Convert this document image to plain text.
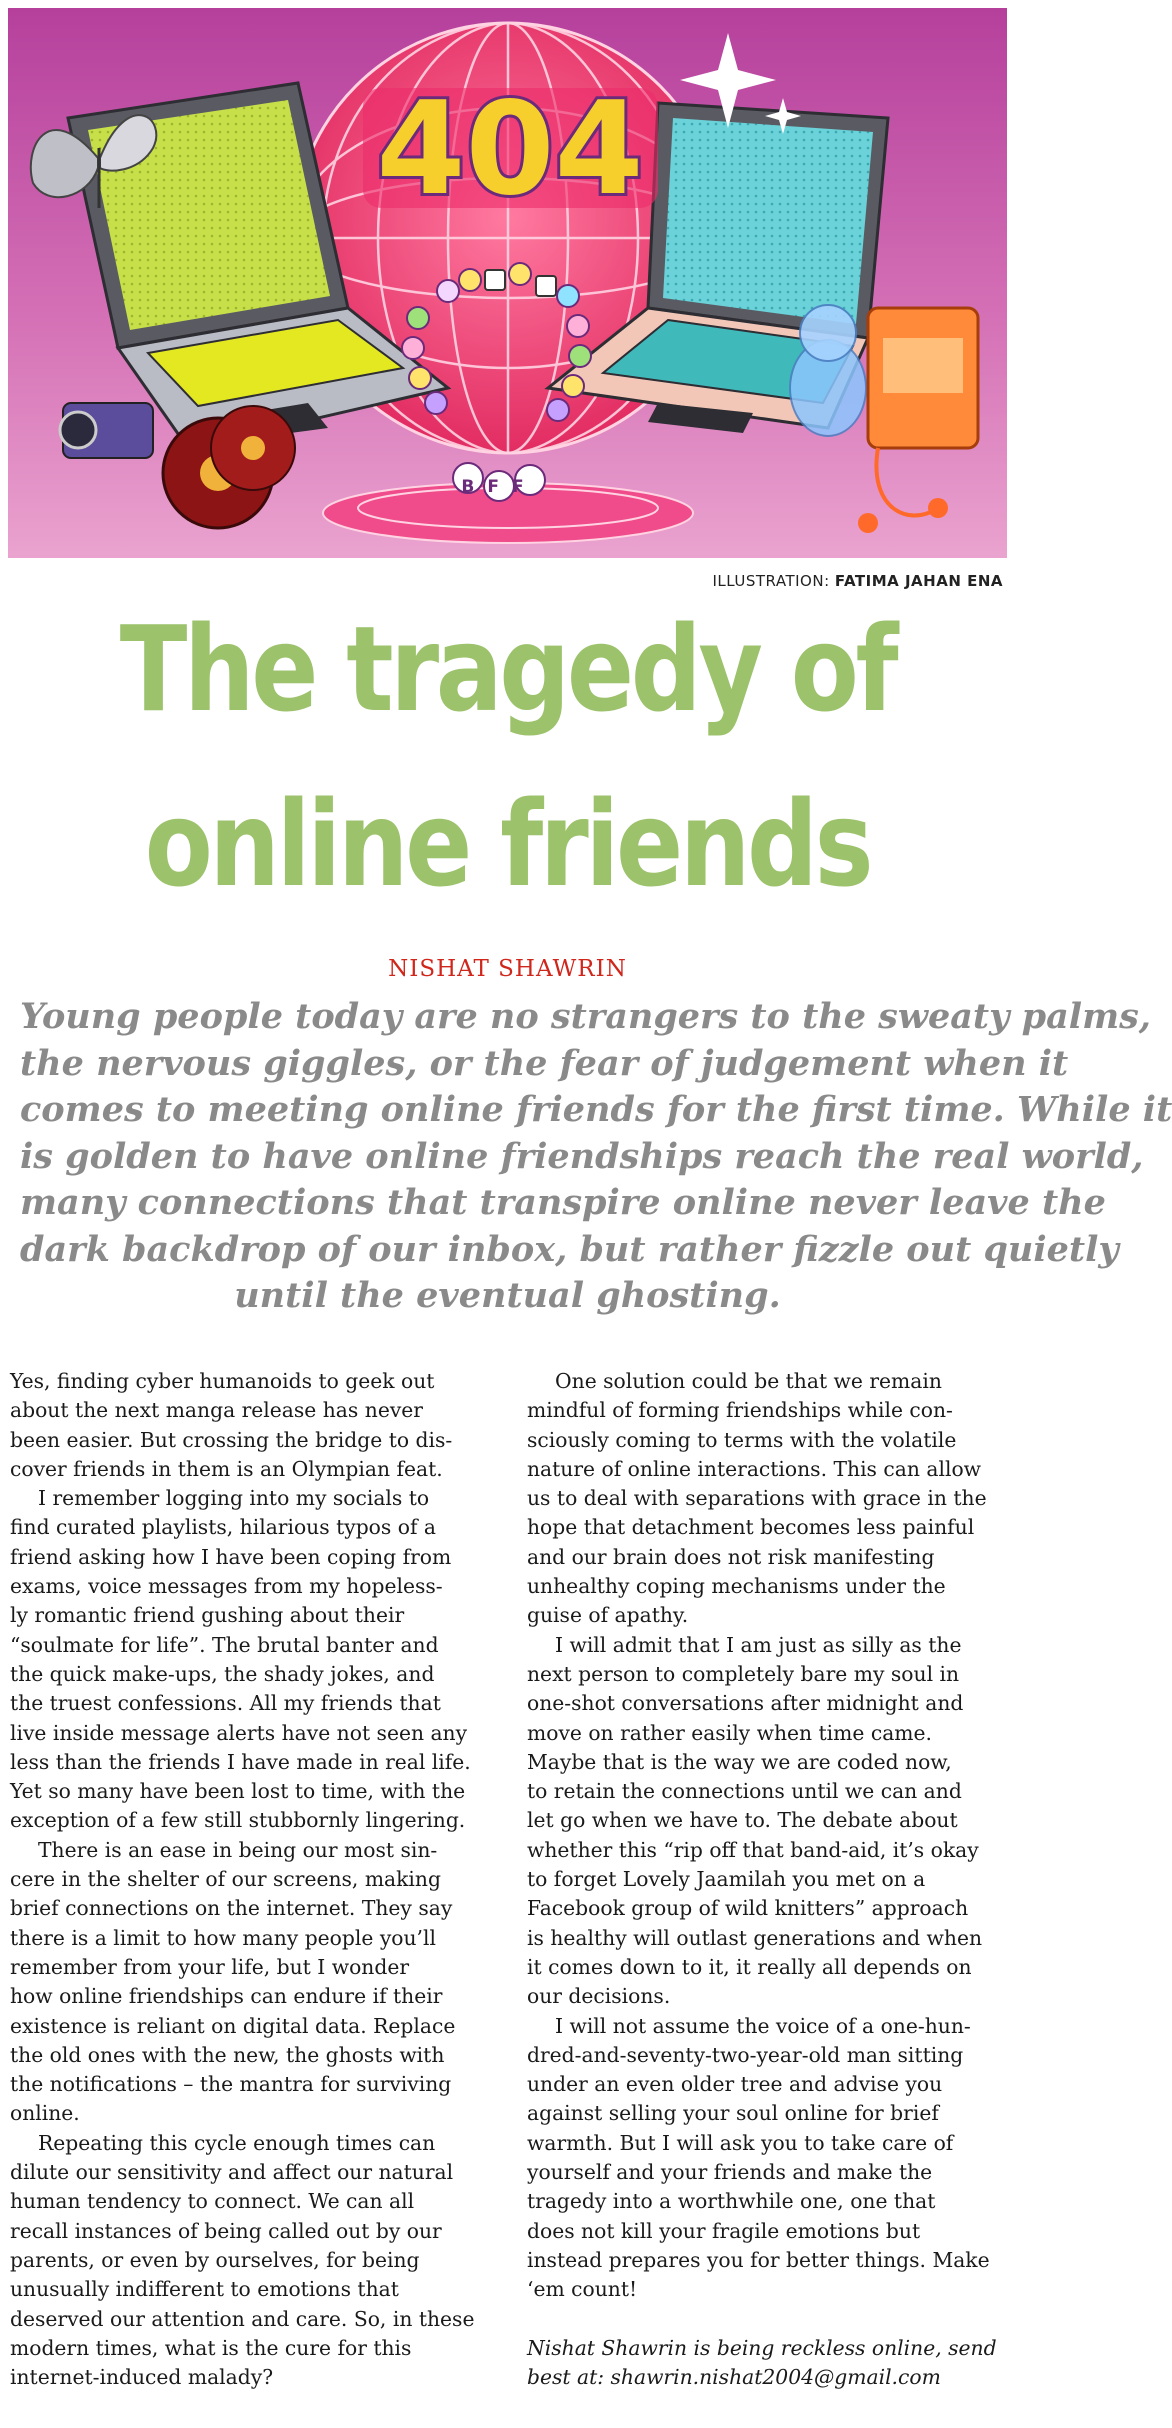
404
BFF
ILLUSTRATION: FATIMA JAHAN ENA
The tragedy of
online friends
NISHAT SHAWRIN
Young people today are no strangers to the sweaty palms,
the nervous giggles, or the fear of judgement when it
comes to meeting online friends for the first time. While it
is golden to have online friendships reach the real world,
many connections that transpire online never leave the
dark backdrop of our inbox, but rather fizzle out quietly
until the eventual ghosting.
Yes, finding cyber humanoids to geek out
about the next manga release has never
been easier. But crossing the bridge to dis-
cover friends in them is an Olympian feat.
I remember logging into my socials to
find curated playlists, hilarious typos of a
friend asking how I have been coping from
exams, voice messages from my hopeless-
ly romantic friend gushing about their
“soulmate for life”. The brutal banter and
the quick make-ups, the shady jokes, and
the truest confessions. All my friends that
live inside message alerts have not seen any
less than the friends I have made in real life.
Yet so many have been lost to time, with the
exception of a few still stubbornly lingering.
There is an ease in being our most sin-
cere in the shelter of our screens, making
brief connections on the internet. They say
there is a limit to how many people you’ll
remember from your life, but I wonder
how online friendships can endure if their
existence is reliant on digital data. Replace
the old ones with the new, the ghosts with
the notifications – the mantra for surviving
online.
Repeating this cycle enough times can
dilute our sensitivity and affect our natural
human tendency to connect. We can all
recall instances of being called out by our
parents, or even by ourselves, for being
unusually indifferent to emotions that
deserved our attention and care. So, in these
modern times, what is the cure for this
internet-induced malady?
One solution could be that we remain
mindful of forming friendships while con-
sciously coming to terms with the volatile
nature of online interactions. This can allow
us to deal with separations with grace in the
hope that detachment becomes less painful
and our brain does not risk manifesting
unhealthy coping mechanisms under the
guise of apathy.
I will admit that I am just as silly as the
next person to completely bare my soul in
one-shot conversations after midnight and
move on rather easily when time came.
Maybe that is the way we are coded now,
to retain the connections until we can and
let go when we have to. The debate about
whether this “rip off that band-aid, it’s okay
to forget Lovely Jaamilah you met on a
Facebook group of wild knitters” approach
is healthy will outlast generations and when
it comes down to it, it really all depends on
our decisions.
I will not assume the voice of a one-hun-
dred-and-seventy-two-year-old man sitting
under an even older tree and advise you
against selling your soul online for brief
warmth. But I will ask you to take care of
yourself and your friends and make the
tragedy into a worthwhile one, one that
does not kill your fragile emotions but
instead prepares you for better things. Make
‘em count!

Nishat Shawrin is being reckless online, send
best at: shawrin.nishat2004@gmail.com
